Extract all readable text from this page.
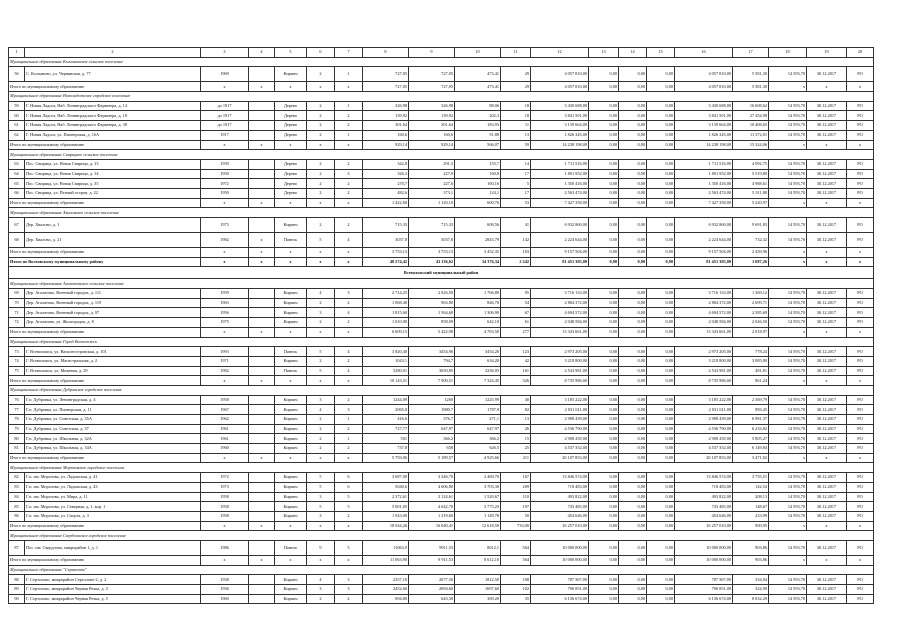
1	2	3	4	5	6	7	8	9	10	11	12	13	14	15	16	17	18	19	20
Муниципальное образование Колчановское сельское поселение																			
56	С. Колчаново, ул. Чернявская, д. 77	1969		Кирпич	2	1	727,05	727,05	473,41	29	4 057 810,00	0,00	0,00	0,00	4 057 810,00	5 581,30	14 593,70	30.12.2017	РО
Итого по муниципальному образованию		х	х	х	х	х	727,05	727,05	473,41	29	4 057 810,00	0,00	0,00	0,00	4 057 810,00	5 581,30	х	х	х
Муниципальное образование Новоладожское городское поселение																			
59	Г. Новая Ладога, Наб. Ленинградского Фарватера, д. 14	до 1917		Дерево	2	1	326,98	326,98	88,06	18	5 430 688,00	0,00	0,00	0,00	5 430 688,00	16 608,62	14 593,70	30.12.2017	РО
60	Г. Новая Ладога, Наб. Ленинградского Фарватера, д. 18	до 1917		Дерево	2	2	139,92	139,92	202,3	18	3 841 501,00	0,00	0,00	0,00	3 841 501,00	27 454,98	14 593,70	30.12.2017	РО
61	Г. Новая Ладога, Наб. Ленинградского Фарватера, д. 38	до 1917		Дерево	2	2	301,64	301,64	183,93	11	3 139 664,00	0,00	0,00	0,00	3 139 664,00	10 408,65	14 593,70	30.12.2017	РО
62	Г. Новая Ладога, ул. Пионерская, д. 16А	1917		Дерево	2	1	160,6	160,6	91,88	13	1 826 345,00	0,00	0,00	0,00	1 826 345,00	11 372,01	14 593,70	30.12.2017	РО
Итого по муниципальному образованию		х	х	х	х	х	929,14	929,14	566,07	59	14 238 198,00	0,00	0,00	0,00	14 238 198,00	15 324,06	х	х	х
Муниципальное образование Свирицкое сельское поселение																			
63	Пос. Свирица, ул. Новая Свирица, д. 13	1939		Дерево	2	2	342,8	291,5	155,7	14	1 711 516,00	0,00	0,00	0,00	1 711 516,00	4 992,75	14 593,70	30.12.2017	РО
64	Пос. Свирица, ул. Новая Свирица, д. 14	1950		Дерево	2	3	326,3	227,9	160,8	17	1 801 952,00	0,00	0,00	0,00	1 801 952,00	5 519,80	14 593,70	30.12.2017	РО
65	Пос. Свирица, ул. Новая Свирица, д. 35	1972		Дерево	2	2	270,7	227,6	160,16	5	1 350 416,00	0,00	0,00	0,00	1 350 416,00	4 988,61	14 593,70	30.12.2017	РО
66	Пос. Свирица, ул. Птичий остров, д. 22	1950		Дерево	2	2	482,6	373,1	124,1	17	2 563 474,00	0,00	0,00	0,00	2 563 474,00	5 311,80	14 593,70	30.12.2017	РО
Итого по муниципальному образованию		х	х	х	х	х	1 422,60	1 120,10	600,76	53	7 427 358,00	0,00	0,00	0,00	7 427 358,00	5 220,97	х	х	х
Муниципальное образование Хваловское сельское поселение																			
67	Дер. Хвалово, д. 1	1973		Кирпич	2	2	715,33	715,33	608,56	41	6 932 860,00	0,00	0,00	0,00	6 932 860,00	9 691,83	14 593,70	30.12.2017	РО
68	Дер. Хвалово, д. 21	1982	х	Панель	5	4	3037,8	3037,8	2843,79	142	2 224 644,00	0,00	0,00	0,00	2 224 644,00	732,32	14 593,70	30.12.2017	РО
Итого по муниципальному образованию		х	х	х	х	х	3 753,13	3 753,13	3 452,35	183	9 157 504,00	0,00	0,00	0,00	9 157 504,00	2 439,96	х	х	х
Итого по Волховскому муниципальному району		х	х	х	х	х	48 274,42	43 136,62	34 376,34	2 242	81 451 305,00	0,00	0,00	0,00	81 451 305,00	1 687,26	х	х	х
Всеволожский муниципальный район																			
Муниципальное образование Агалатовское сельское поселение																			
69	Дер. Агалатово, Военный городок, д. 111	1959		Кирпич	4	3	2 714,25	2 026,58	1 766,80	95	3 716 133,00	0,00	0,00	0,00	3 716 133,00	1 369,12	14 593,70	30.12.2017	РО
70	Дер. Агалатово, Военный городок, д. 119	1963		Кирпич	2	2	1 068,40	963,80	846,70	54	2 884 372,00	0,00	0,00	0,00	2 884 372,00	2 699,71	14 593,70	30.12.2017	РО
71	Дер. Агалатово, Военный городок, д. 97	1956		Кирпич	3	4	1 815,60	1 564,60	1 306,90	67	4 694 572,00	0,00	0,00	0,00	4 694 572,00	2 585,69	14 593,70	30.12.2017	РО
72	Дер. Агалатово, ул. Жилгородок, д. 8	1975		Кирпич	2	2	1 010,90	858,00	642,10	61	2 048 584,00	0,00	0,00	0,00	2 048 584,00	2 026,50	14 593,70	30.12.2017	РО
Итого по муниципальному образованию		х	х	х	х	х	6 609,15	5 422,98	4 763,50	277	13 343 661,00	0,00	0,00	0,00	13 343 661,00	2 018,97	х	х	х
Муниципальное образование Город Всеволожск																			
73	Г. Всеволожск, ул. Василеостровская, д. 101	1993		Панель	5	4	3 820,40	3454,96	3454,20	123	2 973 205,00	0,00	0,00	0,00	2 973 205,00	778,24	14 593,70	30.12.2017	РО
74	Г. Всеволожск, ул. Магистральная, д. 2	1971		Кирпич	2	2	1043,1	794,7	634,20	42	3 218 800,00	0,00	0,00	0,00	3 218 800,00	3 085,80	14 593,70	30.12.2017	РО
75	Г. Всеволожск, ул. Межевая, д. 29	1982		Панель	5	4	5280,01	3650,85	3236,05	161	2 543 981,00	0,00	0,00	0,00	2 543 981,00	481,81	14 593,70	30.12.2017	РО
Итого по муниципальному образованию		х	х	х	х	х	10 143,51	7 900,51	7 324,45	326	8 735 986,00	0,00	0,00	0,00	8 735 986,00	861,24	х	х	х
Муниципальное образование Дубровское городское поселение																			
76	Г.п. Дубровка, ул. Ленинградская, д. 4	1958		Кирпич	3	2	1244,09	1260	1225,99	40	3 185 222,00	0,00	0,00	0,00	3 185 222,00	2 369,79	14 593,70	30.12.2017	РО
77	Г.п. Дубровка, ул. Пионерская, д. 11	1967		Кирпич	4	3	2065,8	1880,7	1787,9	82	2 031 611,00	0,00	0,00	0,00	2 031 611,00	983,45	14 593,70	30.12.2017	РО
78	Г.п. Дубровка, ул. Советская, д. 35А	1962		Кирпич	2	1	416,6	376,7	271,1	13	2 908 439,00	0,00	0,00	0,00	2 908 439,00	6 981,37	14 593,70	30.12.2017	РО
79	Г.п. Дубровка, ул. Советская, д. 37	1961		Кирпич	2	2	727,77	647,97	647,97	26	4 536 790,00	0,00	0,00	0,00	4 536 790,00	6 233,82	14 593,70	30.12.2017	РО
80	Г.п. Дубровка, ул. Школьная, д. 32А	1961		Кирпич	2	1	501	366,2	366,2	15	2 908 439,00	0,00	0,00	0,00	2 908 439,00	5 805,27	14 593,70	30.12.2017	РО
81	Г.п. Дубровка, ул. Школьная, д. 34А	1960		Кирпич	2	2	737,8	658	626,5	25	4 537 352,00	0,00	0,00	0,00	4 537 352,00	6 149,84	14 593,70	30.12.2017	РО
Итого по муниципальному образованию		х	х	х	х	х	5 793,06	5 189,57	4 925,66	211	20 107 853,00	0,00	0,00	0,00	20 107 853,00	3 471,02	х	х	х
Муниципальное образование Морозовское городское поселение																			
82	Г.п. им. Морозова, ул. Ладожская, д. 41	1972		Кирпич	5	6	3 687,00	3 346,70	2 469,70	167	13 846 574,00	0,00	0,00	0,00	13 846 574,00	3 755,51	14 593,70	30.12.2017	РО
83	Г.п. им. Морозова, ул. Ладожская, д. 43	1973		Кирпич	5	6	5040,6	4 606,80	3 703,30	209	718 483,00	0,00	0,00	0,00	718 483,00	142,54	14 593,70	30.12.2017	РО
84	Г.п. им. Морозова, ул. Мира, д. 11	1958		Кирпич	3	5	2 372,61	2 124,61	1 520,67	110	493 822,00	0,00	0,00	0,00	493 822,00	208,13	14 593,70	30.12.2017	РО
85	Г.п. им. Морозова, ул. Северная, д. 1, кор. 1	1958		Кирпич	5	5	5 001,05	4 642,70	3 775,25	197	743 485,00	0,00	0,00	0,00	743 485,00	148,67	14 593,70	30.12.2017	РО
86	Г.п. им. Морозова, ул. Спорта, д. 3	1958		Кирпич	3	2	1 943,00	1 319,60	1 149,78	50	454 646,00	0,00	0,00	0,00	454 646,00	233,99	14 593,70	30.12.2017	РО
Итого по муниципальному образованию		х	х	х	х	х	18 044,26	16 040,41	12 618,50	733,00	16 257 010,00	0,00	0,00	0,00	16 257 010,00	900,95	х	х	х
Муниципальное образование Свердловское городское поселение																			
87	Пос. им. Свердлова, микрорайон 1, д. 1	1986		Панель	9	5	11063,9	9911,53	8612,1	564	10 000 000,00	0,00	0,00	0,00	10 000 000,00	903,86	14 593,70	30.12.2017	РО
Итого по муниципальному образованию		х	х	х	х	х	11 063,90	9 911,53	8 612,10	564	10 000 000,00	0,00	0,00	0,00	10 000 000,00	903,86	х	х	х
Муниципальное образование "Сертолово"																			
88	Г. Сертолово, микрорайон Сертолово-2, д. 2	1938		Кирпич	4	3	2357,10	2077,50	1812,50	108	787 367,00	0,00	0,00	0,00	787 367,00	334,04	14 593,70	30.12.2017	РО
89	Г. Сертолово, микрорайон Черная Речка, д. 3	1936		Кирпич	3	3	2452,60	2094,60	1697,60	102	796 851,00	0,00	0,00	0,00	796 851,00	324,90	14 593,70	30.12.2017	РО
90	Г. Сертолово, микрорайон Черная Речка, д. 5	1960		Кирпич	2	2	694,80	643,30	369,20	35	6 136 674,00	0,00	0,00	0,00	6 136 674,00	8 832,29	14 593,70	30.12.2017	РО
